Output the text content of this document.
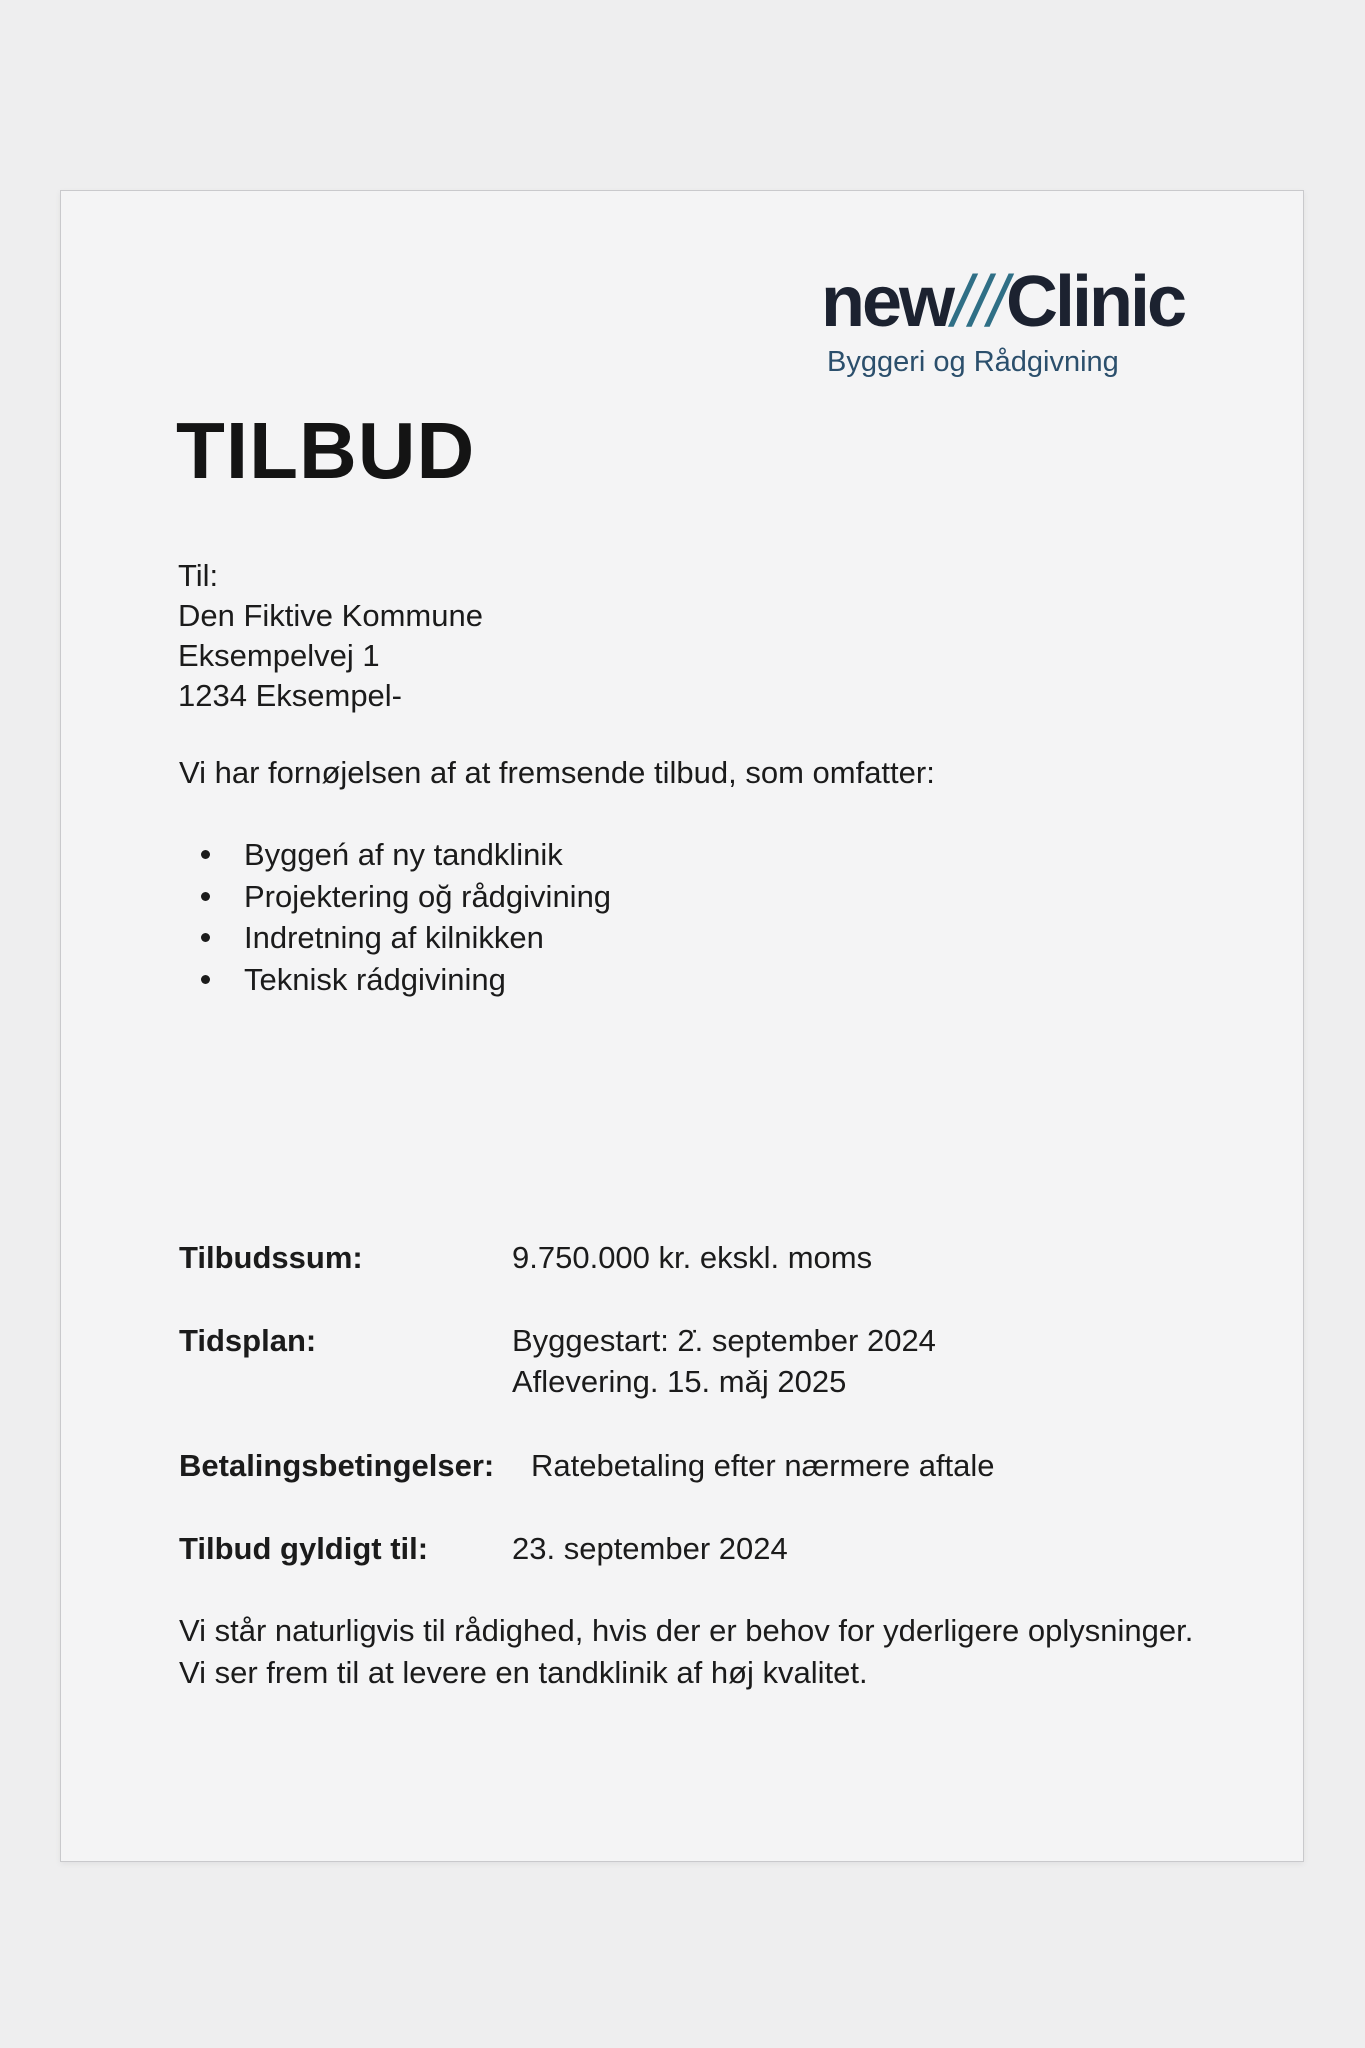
new///Clinic
Byggeri og Rådgivning
TILBUD
Til:
Den Fiktive Kommune
Eksempelvej 1
1234 Eksempel-
Vi har fornøjelsen af at fremsende tilbud, som omfatter:
Byggeń af ny tandklinik
Projektering oğ rådgivining
Indretning af kilnikken
Teknisk rádgivining
Tilbudssum:	9.750.000 kr. ekskl. moms
Tidsplan:	Byggestart: 2̇. september 2024
Aflevering. 15. mǎj 2025
Betalingsbetingelser: Ratebetaling efter nærmere aftale
Tilbud gyldigt til:	23. september 2024
Vi står naturligvis til rådighed, hvis der er behov for yderligere oplysninger. Vi ser frem til at levere en tandklinik af høj kvalitet.
